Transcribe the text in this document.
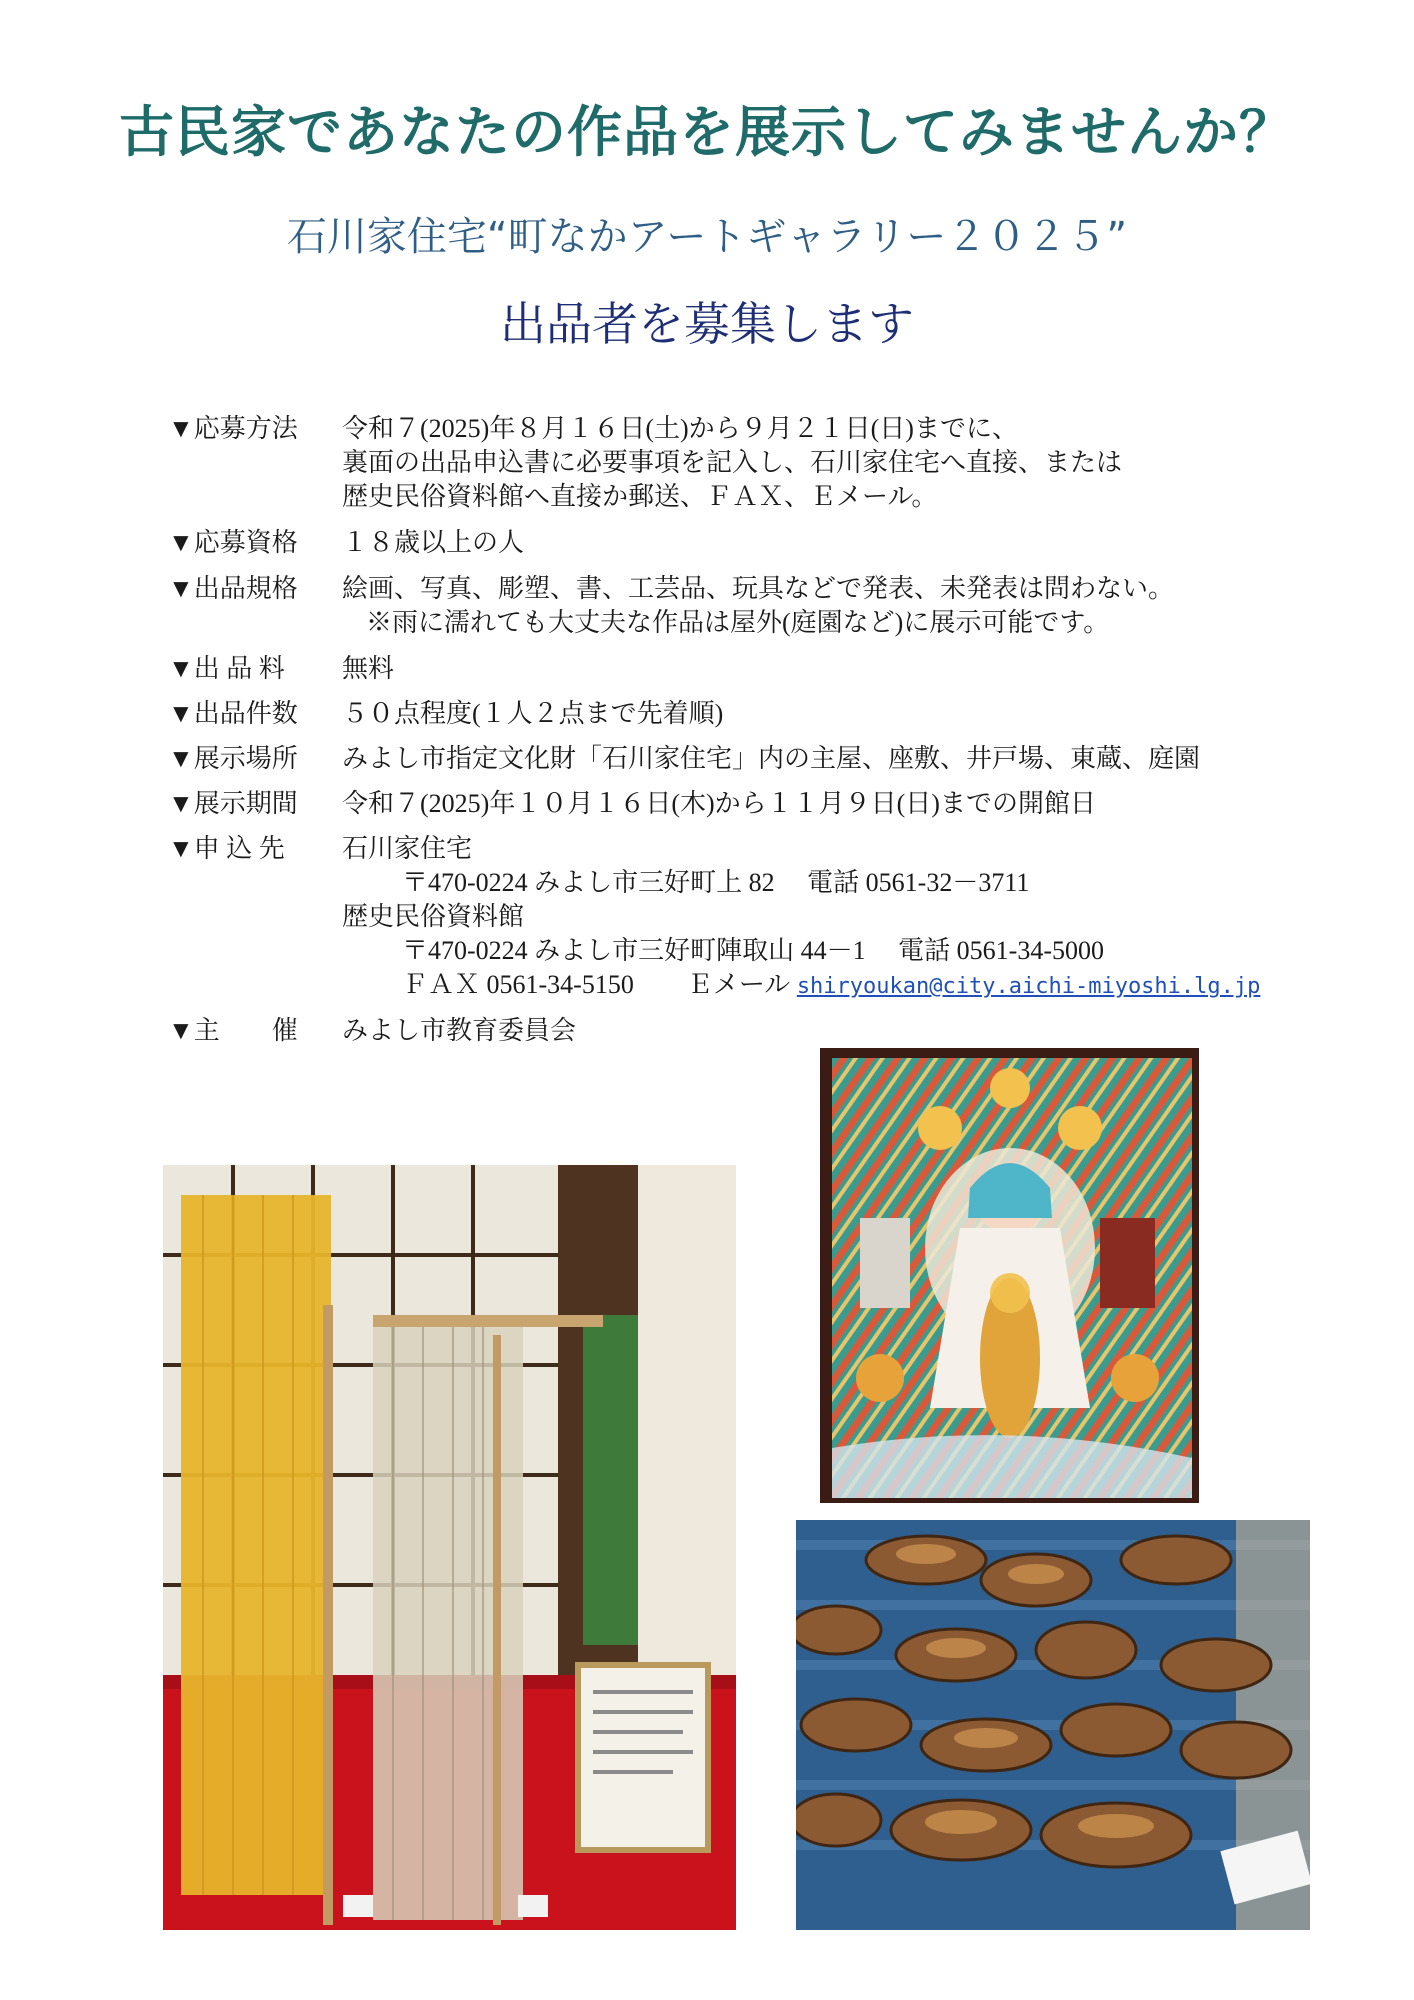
古民家であなたの作品を展示してみませんか？
石川家住宅“町なかアートギャラリー２０２５”
出品者を募集します
▼応募方法	令和７(2025)年８月１６日(土)から９月２１日(日)までに、
裏面の出品申込書に必要事項を記入し、石川家住宅へ直接、または
歴史民俗資料館へ直接か郵送、ＦＡＸ、Ｅメール。
▼応募資格	１８歳以上の人
▼出品規格	絵画、写真、彫塑、書、工芸品、玩具などで発表、未発表は問わない。
※雨に濡れても大丈夫な作品は屋外(庭園など)に展示可能です。
▼出 品 料	無料
▼出品件数	５０点程度(１人２点まで先着順)
▼展示場所	みよし市指定文化財「石川家住宅」内の主屋、座敷、井戸場、東蔵、庭園
▼展示期間	令和７(2025)年１０月１６日(木)から１１月９日(日)までの開館日
▼申 込 先	石川家住宅
〒470-0224 みよし市三好町上 82　 電話 0561-32－3711
歴史民俗資料館
〒470-0224 みよし市三好町陣取山 44－1　 電話 0561-34-5000
ＦＡＸ 0561-34-5150 Ｅメール shiryoukan@city.aichi-miyoshi.lg.jp
▼主　　催	みよし市教育委員会
